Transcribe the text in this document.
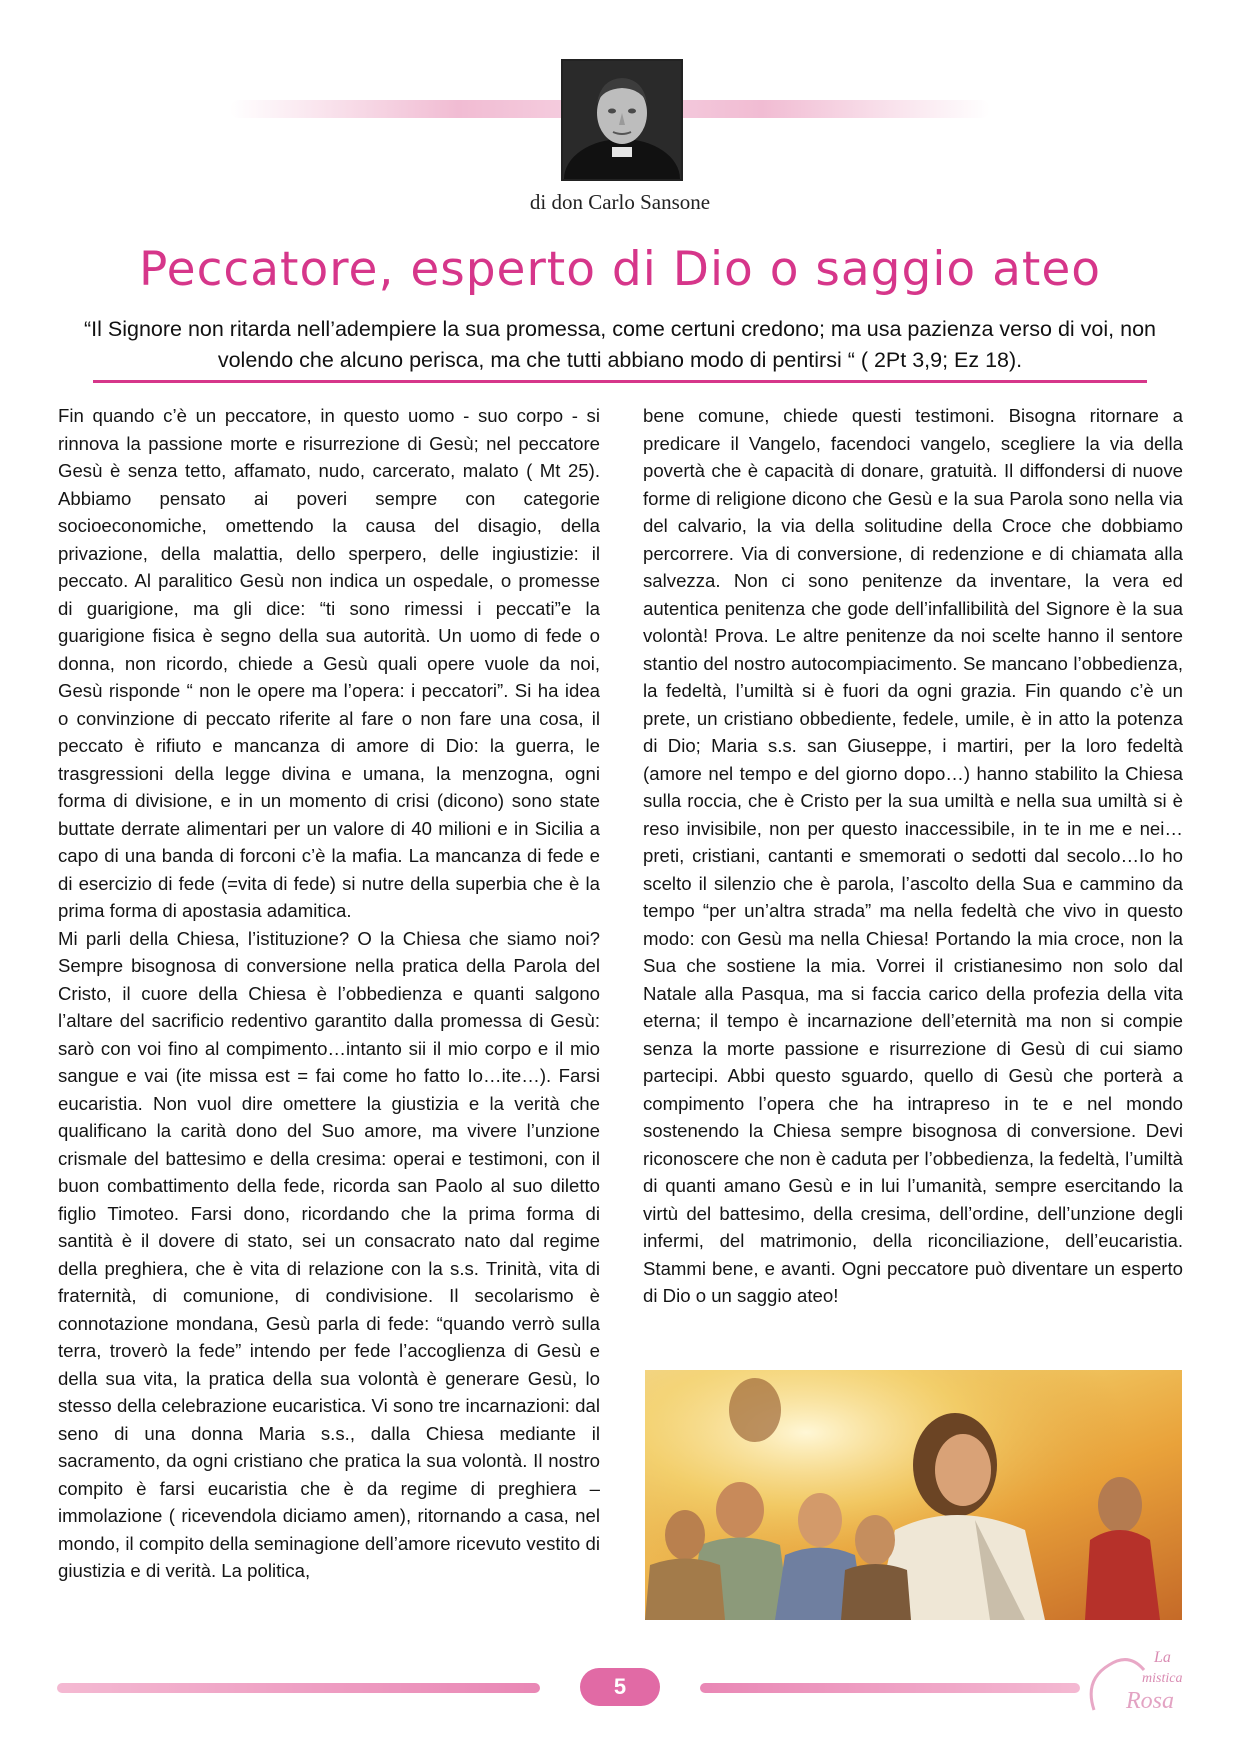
di don Carlo Sansone
Peccatore, esperto di Dio o saggio ateo
“Il Signore non ritarda nell’adempiere la sua promessa, come certuni credono; ma usa pazienza verso di voi, non volendo che alcuno perisca, ma che tutti abbiano modo di pentirsi “ ( 2Pt 3,9; Ez 18).

Fin quando c’è un peccatore, in questo uomo - suo corpo - si rinnova la passione morte e risurrezione di Gesù; nel peccatore Gesù è senza tetto, affamato, nudo, carcerato, malato ( Mt 25). Abbiamo pensato ai poveri sempre con categorie socioeconomiche, omettendo la causa del disagio, della privazione, della malattia, dello sperpero, delle ingiustizie: il peccato. Al paralitico Gesù non indica un ospedale, o promesse di guarigione, ma gli dice: “ti sono rimessi i peccati”e la guarigione fisica è segno della sua autorità. Un uomo di fede o donna, non ricordo, chiede a Gesù quali opere vuole da noi, Gesù risponde “ non le opere ma l’opera: i peccatori”. Si ha idea o convinzione di peccato riferite al fare o non fare una cosa, il peccato è rifiuto e mancanza di amore di Dio: la guerra, le trasgressioni della legge divina e umana, la menzogna, ogni forma di divisione, e in un momento di crisi (dicono) sono state buttate derrate alimentari per un valore di 40 milioni e in Sicilia a capo di una banda di forconi c’è la mafia. La mancanza di fede e di esercizio di fede (=vita di fede) si nutre della superbia che è la prima forma di apostasia adamitica.

Mi parli della Chiesa, l’istituzione? O la Chiesa che siamo noi? Sempre bisognosa di conversione nella pratica della Parola del Cristo, il cuore della Chiesa è l’obbedienza e quanti salgono l’altare del sacrificio redentivo garantito dalla promessa di Gesù: sarò con voi fino al compimento…intanto sii il mio corpo e il mio sangue e vai (ite missa est = fai come ho fatto Io…ite…). Farsi eucaristia. Non vuol dire omettere la giustizia e la verità che qualificano la carità dono del Suo amore, ma vivere l’unzione crismale del battesimo e della cresima: operai e testimoni, con il buon combattimento della fede, ricorda san Paolo al suo diletto figlio Timoteo. Farsi dono, ricordando che la prima forma di santità è il dovere di stato, sei un consacrato nato dal regime della preghiera, che è vita di relazione con la s.s. Trinità, vita di fraternità, di comunione, di condivisione. Il secolarismo è connotazione mondana, Gesù parla di fede: “quando verrò sulla terra, troverò la fede” intendo per fede l’accoglienza di Gesù e della sua vita, la pratica della sua volontà è generare Gesù, lo stesso della celebrazione eucaristica. Vi sono tre incarnazioni: dal seno di una donna Maria s.s., dalla Chiesa mediante il sacramento, da ogni cristiano che pratica la sua volontà. Il nostro compito è farsi eucaristia che è da regime di preghiera – immolazione ( ricevendola diciamo amen), ritornando a casa, nel mondo, il compito della seminagione dell’amore ricevuto vestito di giustizia e di verità. La politica,

bene comune, chiede questi testimoni. Bisogna ritornare a predicare il Vangelo, facendoci vangelo, scegliere la via della povertà che è capacità di donare, gratuità. Il diffondersi di nuove forme di religione dicono che Gesù e la sua Parola sono nella via del calvario, la via della solitudine della Croce che dobbiamo percorrere. Via di conversione, di redenzione e di chiamata alla salvezza. Non ci sono penitenze da inventare, la vera ed autentica penitenza che gode dell’infallibilità del Signore è la sua volontà! Prova. Le altre penitenze da noi scelte hanno il sentore stantio del nostro autocompiacimento. Se mancano l’obbedienza, la fedeltà, l’umiltà si è fuori da ogni grazia. Fin quando c’è un prete, un cristiano obbediente, fedele, umile, è in atto la potenza di Dio; Maria s.s. san Giuseppe, i martiri, per la loro fedeltà (amore nel tempo e del giorno dopo…) hanno stabilito la Chiesa sulla roccia, che è Cristo per la sua umiltà e nella sua umiltà si è reso invisibile, non per questo inaccessibile, in te in me e nei…preti, cristiani, cantanti e smemorati o sedotti dal secolo…Io ho scelto il silenzio che è parola, l’ascolto della Sua e cammino da tempo “per un’altra strada” ma nella fedeltà che vivo in questo modo: con Gesù ma nella Chiesa! Portando la mia croce, non la Sua che sostiene la mia. Vorrei il cristianesimo non solo dal Natale alla Pasqua, ma si faccia carico della profezia della vita eterna; il tempo è incarnazione dell’eternità ma non si compie senza la morte passione e risurrezione di Gesù di cui siamo partecipi. Abbi questo sguardo, quello di Gesù che porterà a compimento l’opera che ha intrapreso in te e nel mondo sostenendo la Chiesa sempre bisognosa di conversione. Devi riconoscere che non è caduta per l’obbedienza, la fedeltà, l’umiltà di quanti amano Gesù e in lui l’umanità, sempre esercitando la virtù del battesimo, della cresima, dell’ordine, dell’unzione degli infermi, del matrimonio, della riconciliazione, dell’eucaristia. Stammi bene, e avanti. Ogni peccatore può diventare un esperto di Dio o un saggio ateo!

5
La
mistica
Rosa
